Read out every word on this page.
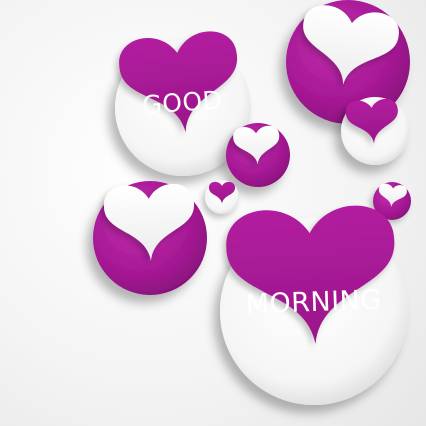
GOOD
MORNING
